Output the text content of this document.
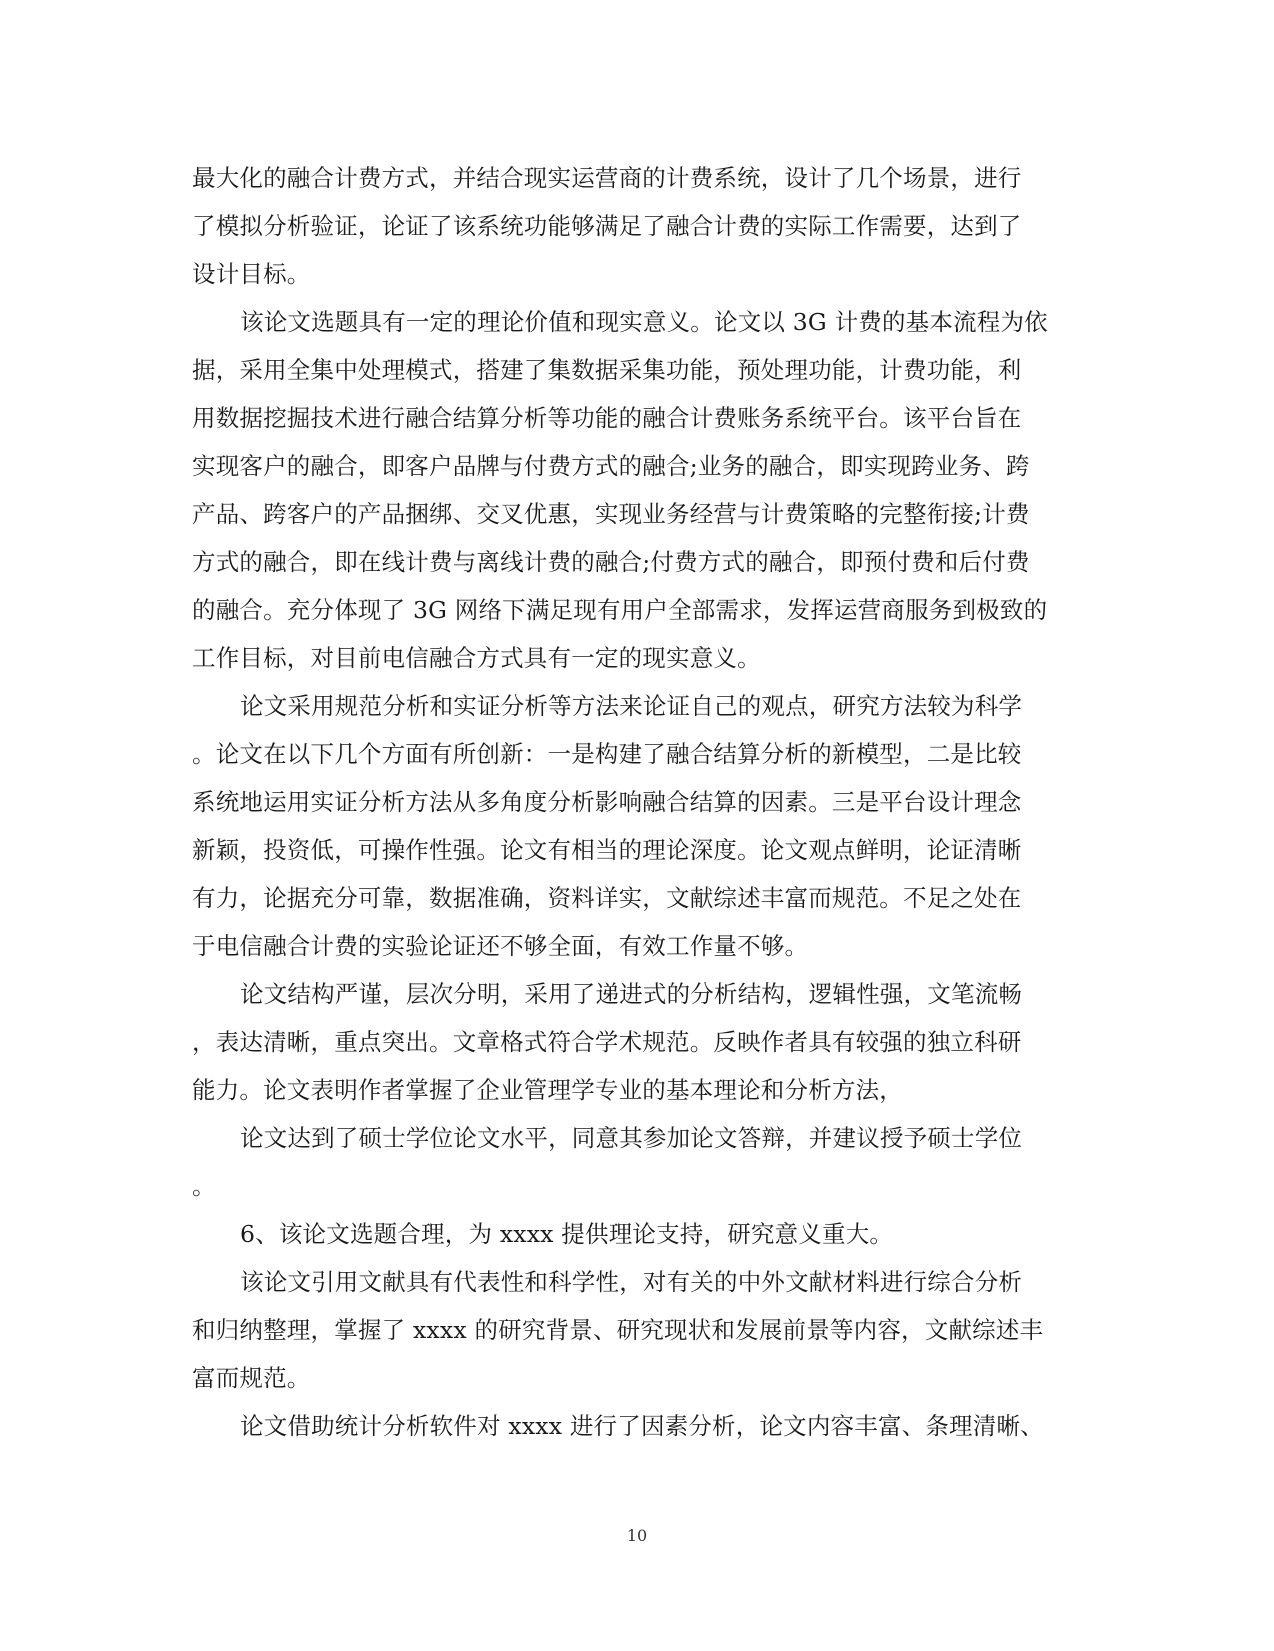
最大化的融合计费方式，并结合现实运营商的计费系统，设计了几个场景，进行
了模拟分析验证，论证了该系统功能够满足了融合计费的实际工作需要，达到了
设计目标。
该论文选题具有一定的理论价值和现实意义。论文以 3G 计费的基本流程为依
据，采用全集中处理模式，搭建了集数据采集功能，预处理功能，计费功能，利
用数据挖掘技术进行融合结算分析等功能的融合计费账务系统平台。该平台旨在
实现客户的融合，即客户品牌与付费方式的融合;业务的融合，即实现跨业务、跨
产品、跨客户的产品捆绑、交叉优惠，实现业务经营与计费策略的完整衔接;计费
方式的融合，即在线计费与离线计费的融合;付费方式的融合，即预付费和后付费
的融合。充分体现了 3G 网络下满足现有用户全部需求，发挥运营商服务到极致的
工作目标，对目前电信融合方式具有一定的现实意义。
论文采用规范分析和实证分析等方法来论证自己的观点，研究方法较为科学
。论文在以下几个方面有所创新：一是构建了融合结算分析的新模型，二是比较
系统地运用实证分析方法从多角度分析影响融合结算的因素。三是平台设计理念
新颖，投资低，可操作性强。论文有相当的理论深度。论文观点鲜明，论证清晰
有力，论据充分可靠，数据准确，资料详实，文献综述丰富而规范。不足之处在
于电信融合计费的实验论证还不够全面，有效工作量不够。
论文结构严谨，层次分明，采用了递进式的分析结构，逻辑性强，文笔流畅
，表达清晰，重点突出。文章格式符合学术规范。反映作者具有较强的独立科研
能力。论文表明作者掌握了企业管理学专业的基本理论和分析方法，
论文达到了硕士学位论文水平，同意其参加论文答辩，并建议授予硕士学位
。
6、该论文选题合理，为 xxxx 提供理论支持，研究意义重大。
该论文引用文献具有代表性和科学性，对有关的中外文献材料进行综合分析
和归纳整理，掌握了 xxxx 的研究背景、研究现状和发展前景等内容，文献综述丰
富而规范。
论文借助统计分析软件对 xxxx 进行了因素分析，论文内容丰富、条理清晰、
10
